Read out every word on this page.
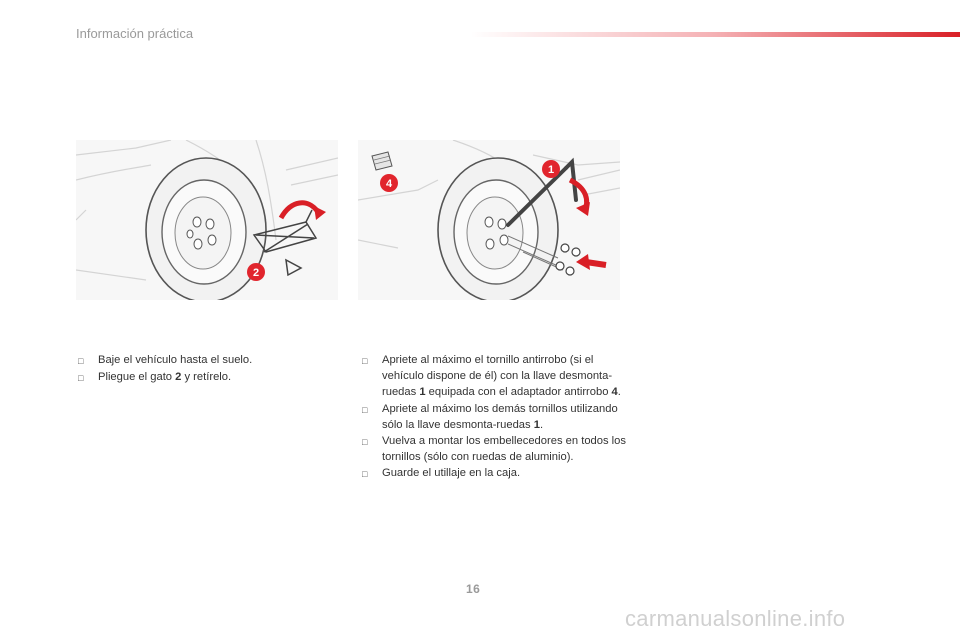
Información práctica
2
4
1
□	Baje el vehículo hasta el suelo.
□	Pliegue el gato 2 y retírelo.
□	Apriete al máximo el tornillo antirrobo (si el vehículo dispone de él) con la llave desmonta-ruedas 1 equipada con el adaptador antirrobo 4.
□	Apriete al máximo los demás tornillos utilizando sólo la llave desmonta-ruedas 1.
□	Vuelva a montar los embellecedores en todos los tornillos (sólo con ruedas de aluminio).
□	Guarde el utillaje en la caja.
16
carmanualsonline.info
